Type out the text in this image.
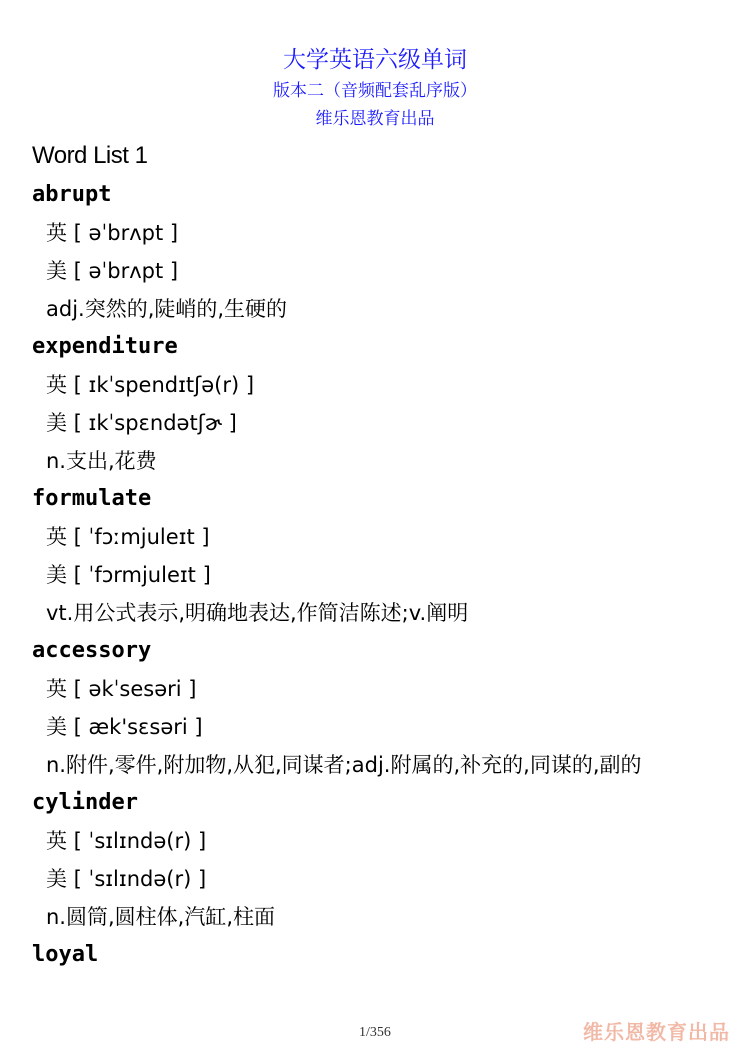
大学英语六级单词
版本二（音频配套乱序版）
维乐恩教育出品
Word List 1
abrupt
英 [ əˈbrʌpt ]
美 [ əˈbrʌpt ]
adj.突然的,陡峭的,生硬的
expenditure
英 [ ɪkˈspendɪtʃə(r) ]
美 [ ɪkˈspɛndətʃɚ ]
n.支出,花费
formulate
英 [ ˈfɔːmjuleɪt ]
美 [ ˈfɔrmjuleɪt ]
vt.用公式表示,明确地表达,作简洁陈述;v.阐明
accessory
英 [ əkˈsesəri ]
美 [ æk'sɛsəri ]
n.附件,零件,附加物,从犯,同谋者;adj.附属的,补充的,同谋的,副的
cylinder
英 [ ˈsɪlɪndə(r) ]
美 [ ˈsɪlɪndə(r) ]
n.圆筒,圆柱体,汽缸,柱面
loyal
1/356	维乐恩教育出品
